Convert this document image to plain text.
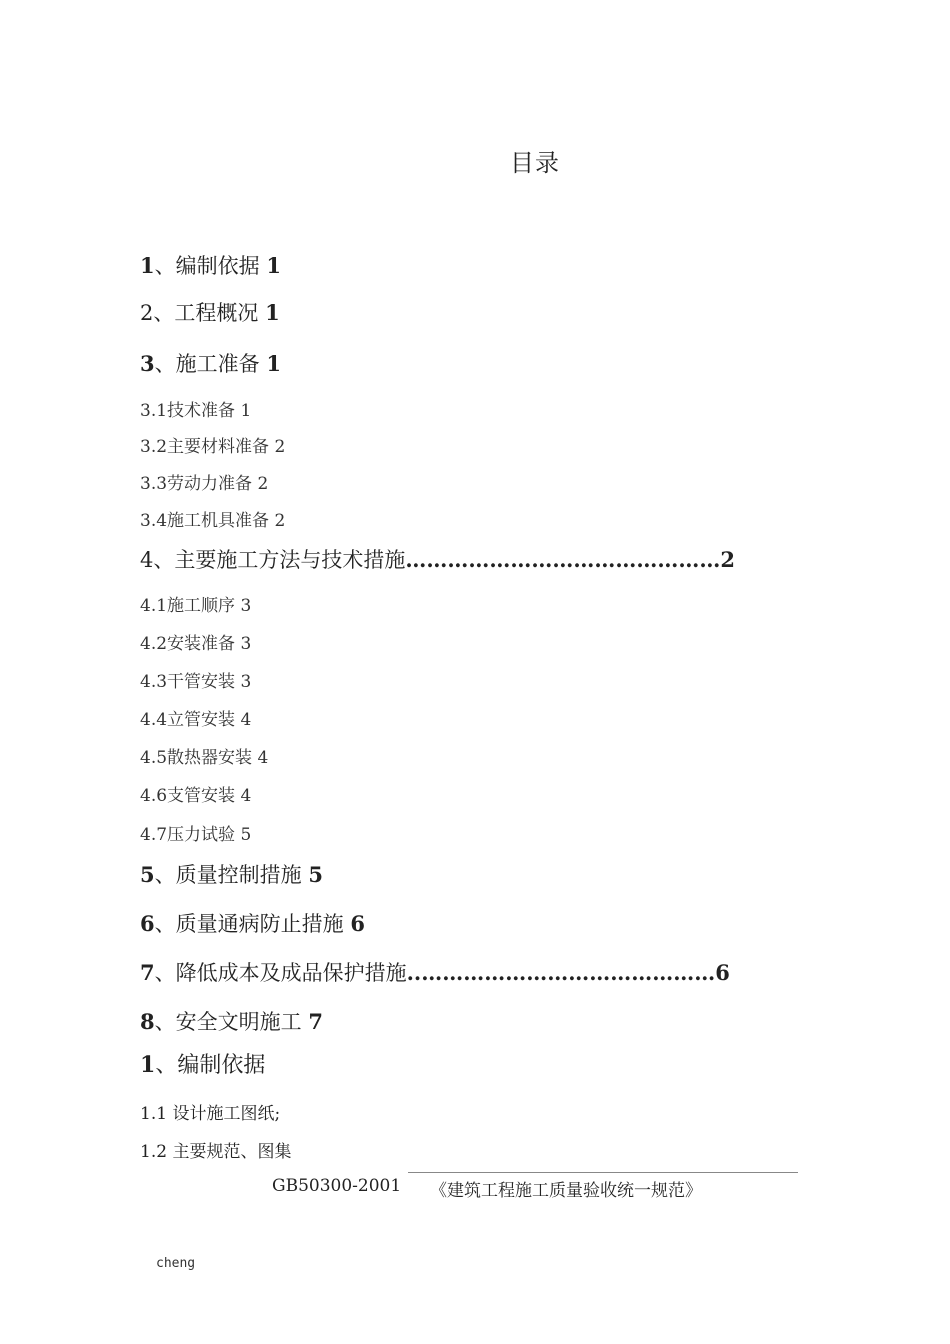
目录
1、编制依据 1
2、工程概况 1
3、施工准备 1
3.1技术准备 1
3.2主要材料准备 2
3.3劳动力准备 2
3.4施工机具准备 2
4、主要施工方法与技术措施………………………………………2
4.1施工顺序 3
4.2安装准备 3
4.3干管安装 3
4.4立管安装 4
4.5散热器安装 4
4.6支管安装 4
4.7压力试验 5
5、质量控制措施 5
6、质量通病防止措施 6
7、降低成本及成品保护措施..……………………………………6
8、安全文明施工 7
1、编制依据
1.1 设计施工图纸;
1.2 主要规范、图集
GB50300-2001 《建筑工程施工质量验收统一规范》
cheng
